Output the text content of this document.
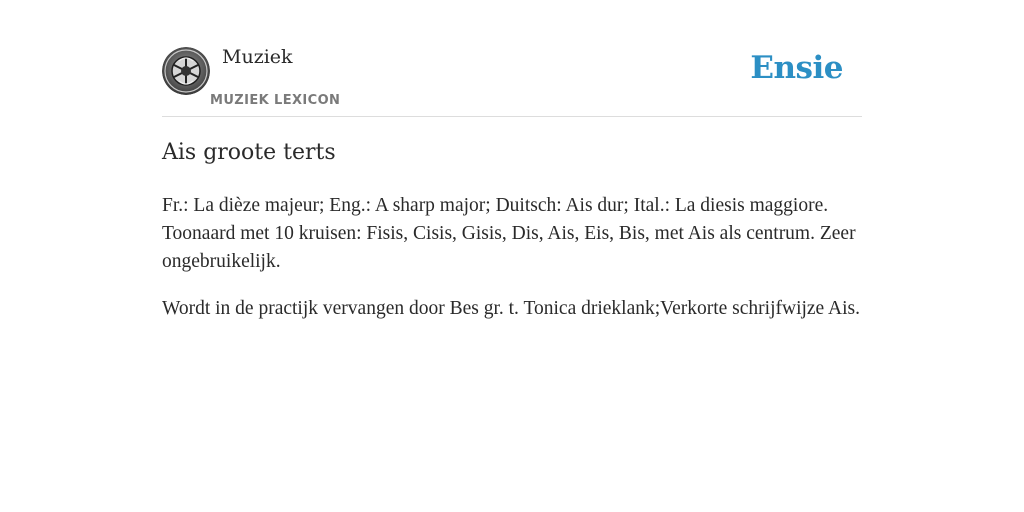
Muziek
MUZIEK LEXICON
Ensie
Ais groote terts

Fr.: La dièze majeur; Eng.: A sharp major; Duitsch: Ais dur; Ital.: La diesis maggiore. Toonaard met 10 kruisen: Fisis, Cisis, Gisis, Dis, Ais, Eis, Bis, met Ais als centrum. Zeer ongebruikelijk.

Wordt in de practijk vervangen door Bes gr. t. Tonica drieklank;Verkorte schrijfwijze Ais.
